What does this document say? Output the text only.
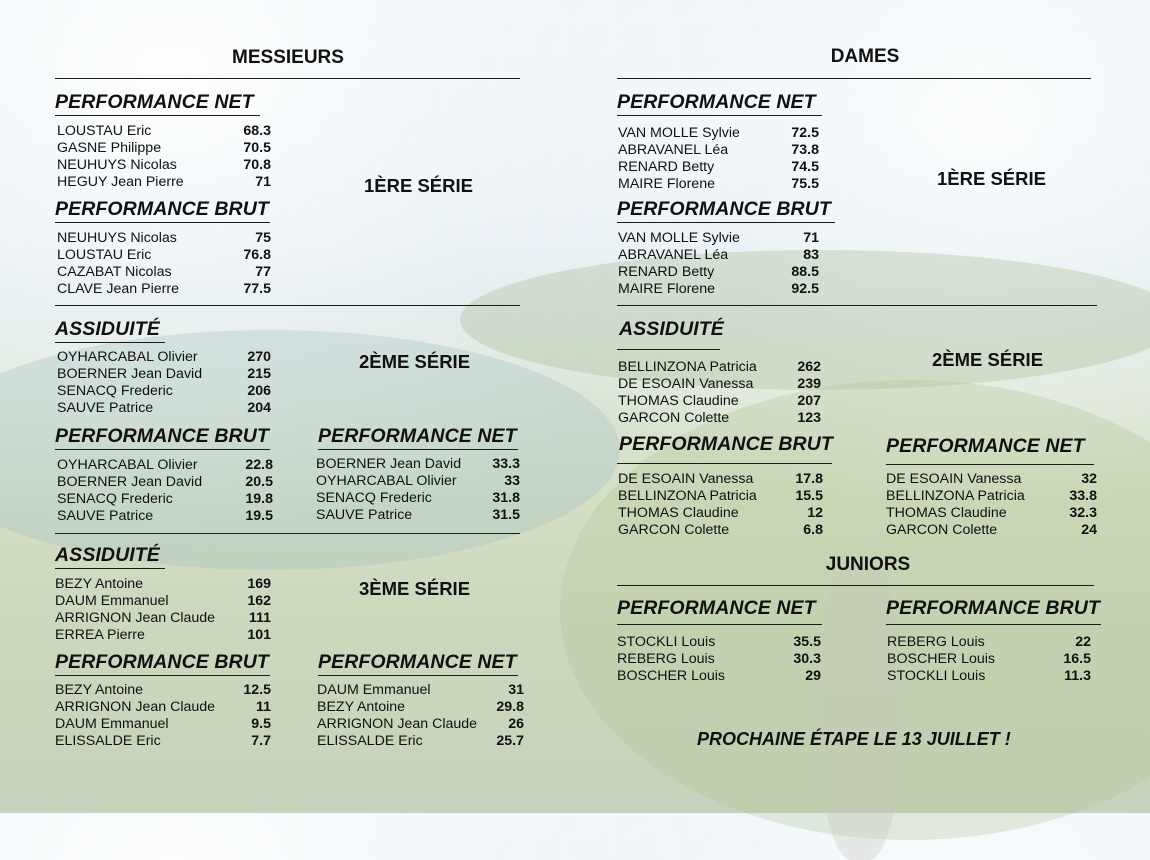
MESSIEURS
PERFORMANCE NET
LOUSTAU Eric	68.3
GASNE Philippe	70.5
NEUHUYS Nicolas	70.8
HEGUY Jean Pierre	71	1ÈRE SÉRIE
PERFORMANCE BRUT
NEUHUYS Nicolas	75
LOUSTAU Eric	76.8
CAZABAT Nicolas	77
CLAVE Jean Pierre	77.5
ASSIDUITÉ
OYHARCABAL Olivier	270
BOERNER Jean David	215
SENACQ Frederic	206
SAUVE Patrice	204
2ÈME SÉRIE
PERFORMANCE BRUT
OYHARCABAL Olivier	22.8
BOERNER Jean David	20.5
SENACQ Frederic	19.8
SAUVE Patrice	19.5
PERFORMANCE NET
BOERNER Jean David 33.3
OYHARCABAL Olivier	33
SENACQ Frederic	31.8
SAUVE Patrice	31.5
ASSIDUITÉ
BEZY Antoine	169
DAUM Emmanuel	162
ARRIGNON Jean Claude 111
ERREA Pierre	101
3ÈME SÉRIE
PERFORMANCE BRUT
BEZY Antoine	12.5
ARRIGNON Jean Claude	11
DAUM Emmanuel	9.5
ELISSALDE Eric	7.7
PERFORMANCE NET
DAUM Emmanuel	31
BEZY Antoine	29.8
ARRIGNON Jean Claude 26
ELISSALDE Eric	25.7
DAMES
PERFORMANCE NET
VAN MOLLE Sylvie	72.5
ABRAVANEL Léa	73.8
RENARD Betty	74.5
MAIRE Florene	75.5	1ÈRE SÉRIE
PERFORMANCE BRUT
VAN MOLLE Sylvie	71
ABRAVANEL Léa	83
RENARD Betty	88.5
MAIRE Florene	92.5
ASSIDUITÉ
BELLINZONA Patricia	262
DE ESOAIN Vanessa	239
THOMAS Claudine	207
GARCON Colette	123
2ÈME SÉRIE
PERFORMANCE BRUT
DE ESOAIN Vanessa	17.8
BELLINZONA Patricia	15.5
THOMAS Claudine	12
GARCON Colette	6.8
PERFORMANCE NET
DE ESOAIN Vanessa	32
BELLINZONA Patricia	33.8
THOMAS Claudine	32.3
GARCON Colette	24
JUNIORS
PERFORMANCE NET
STOCKLI Louis	35.5
REBERG Louis	30.3
BOSCHER Louis	29
PERFORMANCE BRUT
REBERG Louis	22
BOSCHER Louis	16.5
STOCKLI Louis	11.3
PROCHAINE ÉTAPE LE 13 JUILLET !
